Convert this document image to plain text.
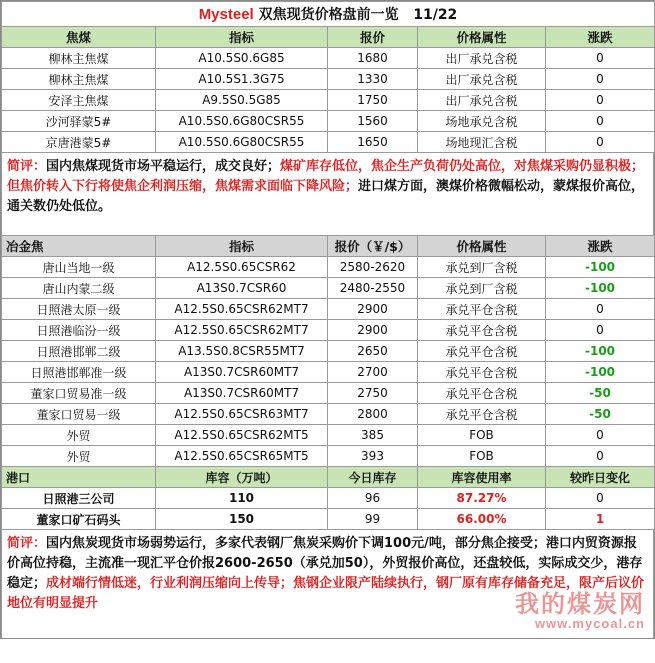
Mysteel 双焦现货价格盘前一览 11/22				
焦煤	指标	报价	价格属性	涨跌
柳林主焦煤	A10.5S0.6G85	1680	出厂承兑含税	0
柳林主焦煤	A10.5S1.3G75	1330	出厂承兑含税	0
安泽主焦煤	A9.5S0.5G85	1750	出厂承兑含税	0
沙河驿蒙5#	A10.5S0.6G80CSR55	1560	场地承兑含税	0
京唐港蒙5#	A10.5S0.6G80CSR55	1650	场地现汇含税	0
简评：国内焦煤现货市场平稳运行，成交良好；煤矿库存低位，焦企生产负荷仍处高位，对焦煤采购仍显积极；但焦价转入下行将使焦企利润压缩，焦煤需求面临下降风险；进口煤方面，澳煤价格微幅松动，蒙煤报价高位，通关数仍处低位。
冶金焦	指标	报价（￥/$）	价格属性	涨跌
唐山当地一级	A12.5S0.65CSR62	2580-2620	承兑到厂含税	-100
唐山内蒙二级	A13S0.7CSR60	2480-2550	承兑到厂含税	-100
日照港太原一级	A12.5S0.65CSR62MT7	2900	承兑平仓含税	0
日照港临汾一级	A12.5S0.65CSR62MT7	2900	承兑平仓含税	0
日照港邯郸二级	A13.5S0.8CSR55MT7	2650	承兑平仓含税	-100
日照港邯郸准一级	A13S0.7CSR60MT7	2700	承兑平仓含税	-100
董家口贸易准一级	A13S0.7CSR60MT7	2750	承兑平仓含税	-50
董家口贸易一级	A12.5S0.65CSR63MT7	2800	承兑平仓含税	-50
外贸	A12.5S0.65CSR62MT5	385	FOB	0
外贸	A12.5S0.65CSR65MT5	393	FOB	0
港口	库容（万吨）	今日库存	库容使用率	较昨日变化
日照港三公司	110	96	87.27%	0
董家口矿石码头	150	99	66.00%	1
简评：国内焦炭现货市场弱势运行，多家代表钢厂焦炭采购价下调100元/吨，部分焦企接受；港口内贸资源报价高位持稳，主流准一现汇平仓价报2600-2650（承兑加50），外贸报价高位，还盘较低，实际成交少，港存稳定；成材端行情低迷，行业利润压缩向上传导；焦钢企业限产陆续执行，钢厂原有库存储备充足，限产后议价地位有明显提升	我的煤炭网
www.mycoal.cn
